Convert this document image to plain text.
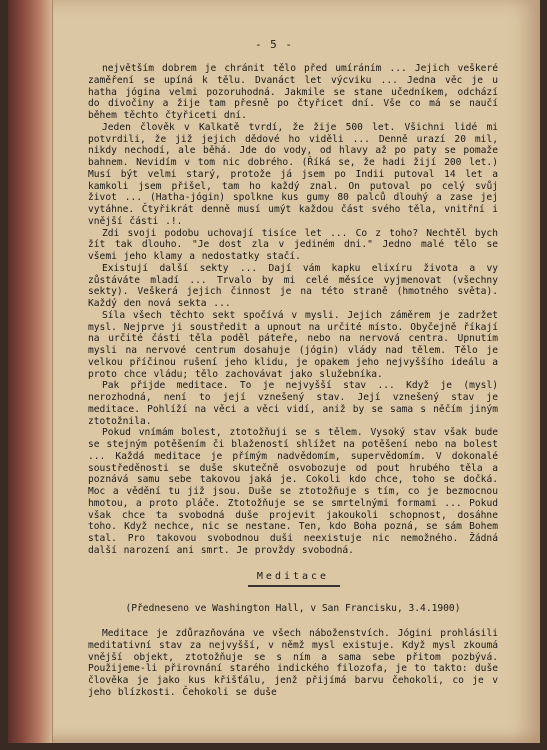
- 5 -

největším dobrem je chránit tělo před umíráním ... Jejich veškeré zaměření se upíná k tělu. Dvanáct let výcviku ... Jedna věc je u hatha jógina velmi pozoruhodná. Jakmile se stane učedníkem, odchází do divočiny a žije tam přesně po čtyřicet dní. Vše co má se naučí během těchto čtyřiceti dní.

Jeden člověk v Kalkatě tvrdí, že žije 500 let. Všichni lidé mi potvrdili, že již jejich dědové ho viděli ... Denně urazí 20 mil, nikdy nechodí, ale běhá. Jde do vody, od hlavy až po paty se pomaže bahnem. Nevidím v tom nic dobrého. (Říká se, že hadi žijí 200 let.) Musí být velmi starý, protože já jsem po Indii putoval 14 let a kamkoli jsem přišel, tam ho každý znal. On putoval po celý svůj život ... (Hatha-jógin) spolkne kus gumy 80 palců dlouhý a zase jej vytáhne. Čtyřikrát denně musí umýt každou část svého těla, vnitřní i vnější části .!.

Zdi svoji podobu uchovají tisíce let ... Co z toho? Nechtěl bych žít tak dlouho. "Je dost zla v jediném dni." Jedno malé tělo se všemi jeho klamy a nedostatky stačí.

Existují další sekty ... Dají vám kapku elixíru života a vy zůstáváte mladí ... Trvalo by mi celé měsíce vyjmenovat (všechny sekty). Veškerá jejich činnost je na této straně (hmotného světa). Každý den nová sekta ...

Síla všech těchto sekt spočívá v mysli. Jejich záměrem je zadržet mysl. Nejprve ji soustředit a upnout na určité místo. Obyčejně říkají na určité části těla poděl páteře, nebo na nervová centra. Upnutím mysli na nervové centrum dosahuje (jógin) vlády nad tělem. Tělo je velkou příčinou rušení jeho klidu, je opakem jeho nejvyššího ideálu a proto chce vládu; tělo zachovávat jako služebníka.

Pak přijde meditace. To je nejvyšší stav ... Když je (mysl) nerozhodná, není to její vznešený stav. Její vznešený stav je meditace. Pohlíží na věci a věci vidí, aniž by se sama s něčím jiným ztotožnila.

Pokud vnímám bolest, ztotožňuji se s tělem. Vysoký stav však bude se stejným potěšením či blažeností shlížet na potěšení nebo na bolest ... Každá meditace je přímým nadvědomím, supervědomím. V dokonalé soustředěnosti se duše skutečně osvobozuje od pout hrubého těla a poznává samu sebe takovou jaká je. Cokoli kdo chce, toho se dočká. Moc a vědění tu již jsou. Duše se ztotožňuje s tím, co je bezmocnou hmotou, a proto pláče. Ztotožňuje se se smrtelnými formami ... Pokud však chce ta svobodná duše projevit jakoukoli schopnost, dosáhne toho. Když nechce, nic se nestane. Ten, kdo Boha pozná, se sám Bohem stal. Pro takovou svobodnou duši neexistuje nic nemožného. Žádná další narození ani smrt. Je provždy svobodná.

Meditace
(Předneseno ve Washington Hall, v San Francisku, 3.4.1900)

Meditace je zdůrazňována ve všech náboženstvích. Jógini prohlásili meditativní stav za nejvyšší, v němž mysl existuje. Když mysl zkoumá vnější objekt, ztotožňuje se s ním a sama sebe přitom pozbývá. Použijeme-li přirovnání starého indického filozofa, je to takto: duše člověka je jako kus křišťálu, jenž přijímá barvu čehokoli, co je v jeho blízkosti. Čehokoli se duše
